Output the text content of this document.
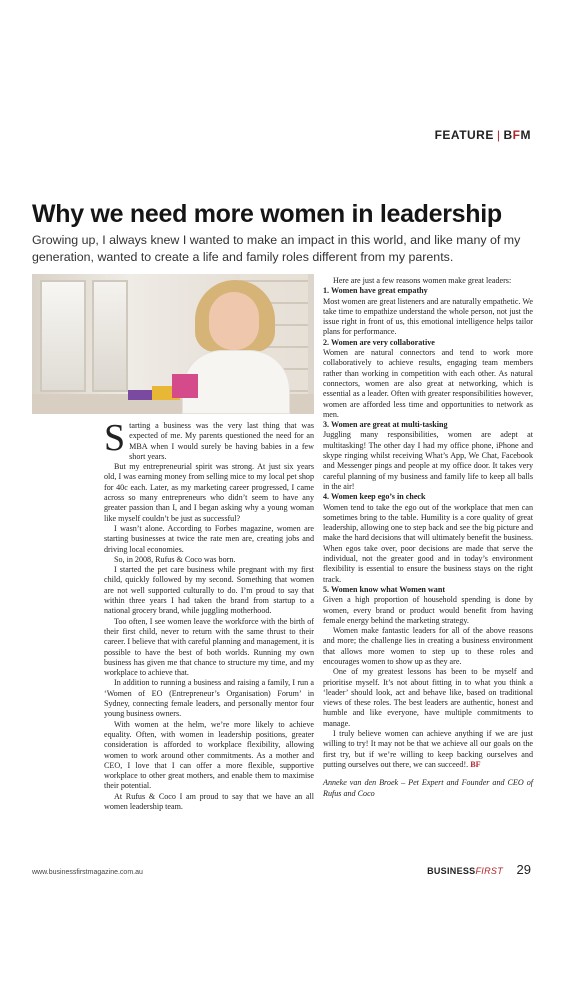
FEATURE | BFM
Why we need more women in leadership

Growing up, I always knew I wanted to make an impact in this world, and like many of my generation, wanted to create a life and family roles different from my parents.

Starting a business was the very last thing that was expected of me. My parents questioned the need for an MBA when I would surely be having babies in a few short years.

But my entrepreneurial spirit was strong. At just six years old, I was earning money from selling mice to my local pet shop for 40c each. Later, as my marketing career progressed, I came across so many entrepreneurs who didn’t seem to have any greater passion than I, and I began asking why a young woman like myself couldn’t be just as successful?

I wasn’t alone. According to Forbes magazine, women are starting businesses at twice the rate men are, creating jobs and driving local economies.

So, in 2008, Rufus & Coco was born.

I started the pet care business while pregnant with my first child, quickly followed by my second. Something that women are not well supported culturally to do. I’m proud to say that within three years I had taken the brand from startup to a national grocery brand, while juggling motherhood.

Too often, I see women leave the workforce with the birth of their first child, never to return with the same thrust to their career. I believe that with careful planning and management, it is possible to have the best of both worlds. Running my own business has given me that chance to structure my time, and my workplace to achieve that.

In addition to running a business and raising a family, I run a ‘Women of EO (Entrepreneur’s Organisation) Forum’ in Sydney, connecting female leaders, and personally mentor four young business owners.

With women at the helm, we’re more likely to achieve equality. Often, with women in leadership positions, greater consideration is afforded to workplace flexibility, allowing women to work around other commitments. As a mother and CEO, I love that I can offer a more flexible, supportive workplace to other great mothers, and enable them to maximise their potential.

At Rufus & Coco I am proud to say that we have an all women leadership team.

Here are just a few reasons women make great leaders:

1. Women have great empathy

Most women are great listeners and are naturally empathetic. We take time to empathize understand the whole person, not just the issue right in front of us, this emotional intelligence helps tailor plans for performance.

2. Women are very collaborative

Women are natural connectors and tend to work more collaboratively to achieve results, engaging team members rather than working in competition with each other. As natural connectors, women are also great at networking, which is essential as a leader. Often with greater responsibilities however, women are afforded less time and opportunities to network as men.

3. Women are great at multi-tasking

Juggling many responsibilities, women are adept at multitasking! The other day I had my office phone, iPhone and skype ringing whilst receiving What’s App, We Chat, Facebook and Messenger pings and people at my office door. It takes very careful planning of my business and family life to keep all balls in the air!

4. Women keep ego’s in check

Women tend to take the ego out of the workplace that men can sometimes bring to the table. Humility is a core quality of great leadership, allowing one to step back and see the big picture and make the hard decisions that will ultimately benefit the business. When egos take over, poor decisions are made that serve the individual, not the greater good and in today’s environment flexibility is essential to ensure the business stays on the right track.

5. Women know what Women want

Given a high proportion of household spending is done by women, every brand or product would benefit from having female energy behind the marketing strategy.

Women make fantastic leaders for all of the above reasons and more; the challenge lies in creating a business environment that allows more women to step up to these roles and encourages women to show up as they are.

One of my greatest lessons has been to be myself and prioritise myself. It’s not about fitting in to what you think a ‘leader’ should look, act and behave like, based on traditional views of these roles. The best leaders are authentic, honest and humble and like everyone, have multiple commitments to manage.

I truly believe women can achieve anything if we are just willing to try! It may not be that we achieve all our goals on the first try, but if we’re willing to keep backing ourselves and putting ourselves out there, we can succeed!. BF

Anneke van den Broek – Pet Expert and Founder and CEO of Rufus and Coco

www.businessfirstmagazine.com.au	BUSINESSFIRST 29
